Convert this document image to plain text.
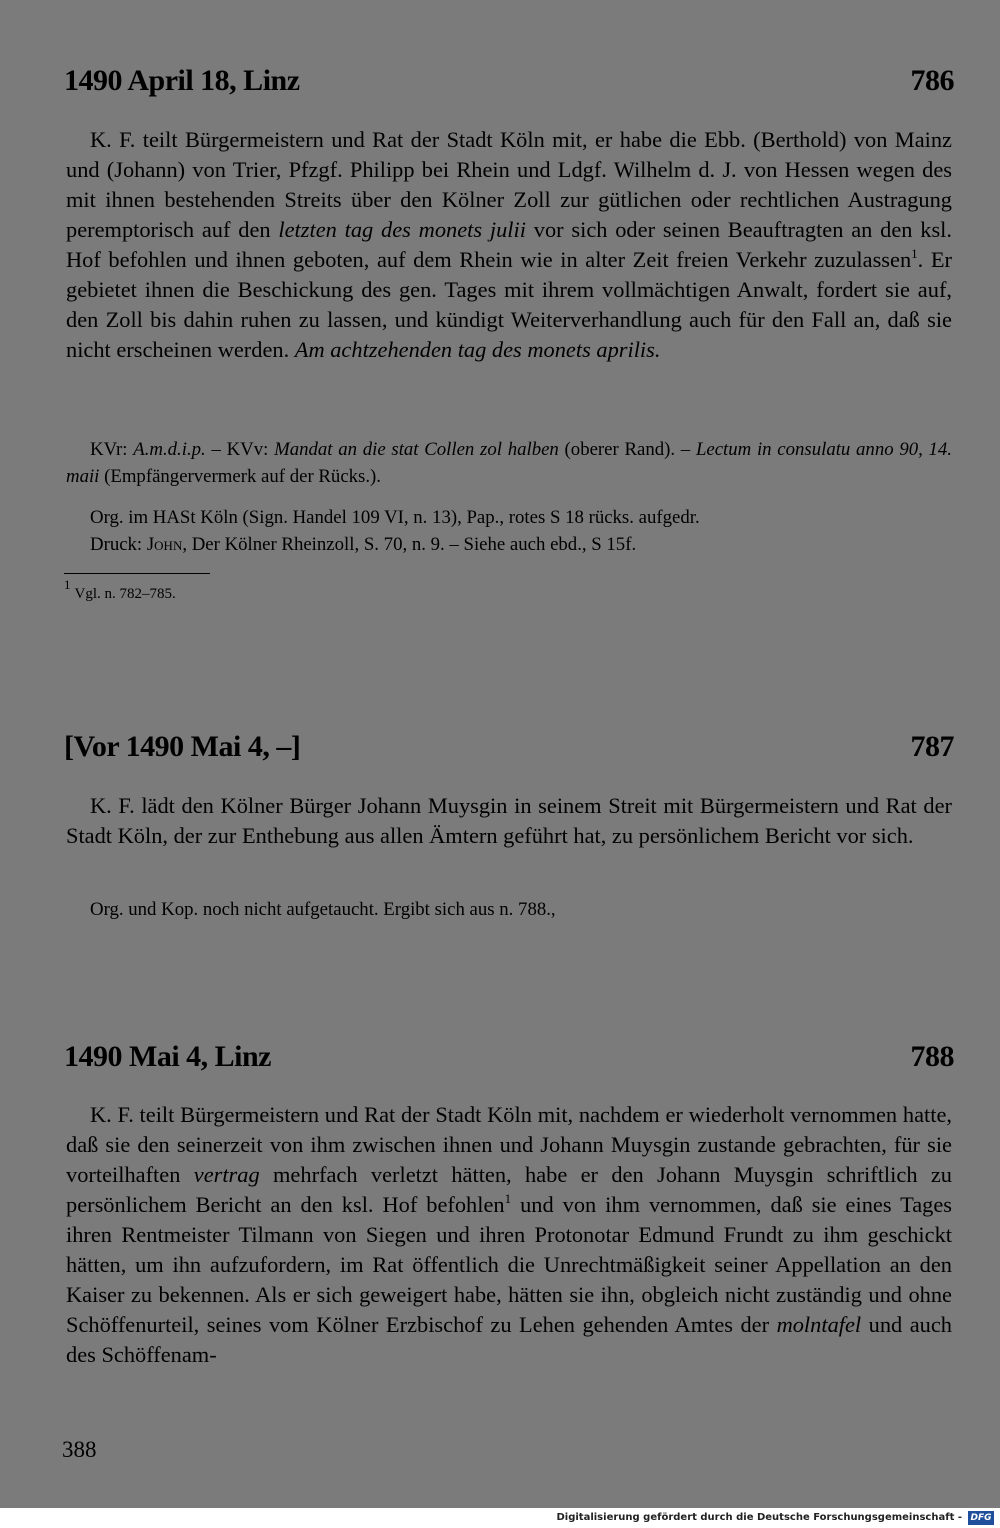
1490 April 18, Linz	786
K. F. teilt Bürgermeistern und Rat der Stadt Köln mit, er habe die Ebb. (Berthold) von Mainz und (Johann) von Trier, Pfzgf. Philipp bei Rhein und Ldgf. Wilhelm d. J. von Hessen wegen des mit ihnen bestehenden Streits über den Kölner Zoll zur gütlichen oder rechtlichen Austragung peremptorisch auf den letzten tag des monets julii vor sich oder seinen Beauftragten an den ksl. Hof befohlen und ihnen geboten, auf dem Rhein wie in alter Zeit freien Verkehr zuzulassen$^1$. Er gebietet ihnen die Beschickung des gen. Tages mit ihrem vollmächtigen Anwalt, fordert sie auf, den Zoll bis dahin ruhen zu lassen, und kündigt Weiterverhandlung auch für den Fall an, daß sie nicht erscheinen werden. Am achtzehenden tag des monets aprilis.
KVr: A.m.d.i.p. – KVv: Mandat an die stat Collen zol halben (oberer Rand). – Lectum in consulatu anno 90, 14. maii (Empfängervermerk auf der Rücks.).
Org. im HASt Köln (Sign. Handel 109 VI, n. 13), Pap., rotes S 18 rücks. aufgedr.
Druck: John, Der Kölner Rheinzoll, S. 70, n. 9. – Siehe auch ebd., S 15f.
$^1$Vgl. n. 782–785.
[Vor 1490 Mai 4, –]	787
K. F. lädt den Kölner Bürger Johann Muysgin in seinem Streit mit Bürgermeistern und Rat der Stadt Köln, der zur Enthebung aus allen Ämtern geführt hat, zu persönlichem Bericht vor sich.
Org. und Kop. noch nicht aufgetaucht. Ergibt sich aus n. 788.,
1490 Mai 4, Linz	788
K. F. teilt Bürgermeistern und Rat der Stadt Köln mit, nachdem er wiederholt vernommen hatte, daß sie den seinerzeit von ihm zwischen ihnen und Johann Muysgin zustande gebrachten, für sie vorteilhaften vertrag mehrfach verletzt hätten, habe er den Johann Muysgin schriftlich zu persönlichem Bericht an den ksl. Hof befohlen$^1$ und von ihm vernommen, daß sie eines Tages ihren Rentmeister Tilmann von Siegen und ihren Protonotar Edmund Frundt zu ihm geschickt hätten, um ihn aufzufordern, im Rat öffentlich die Unrechtmäßigkeit seiner Appellation an den Kaiser zu bekennen. Als er sich geweigert habe, hätten sie ihn, obgleich nicht zuständig und ohne Schöffenurteil, seines vom Kölner Erzbischof zu Lehen gehenden Amtes der molntafel und auch des Schöffenam-
388
Digitalisierung gefördert durch die Deutsche Forschungsgemeinschaft - DFG
